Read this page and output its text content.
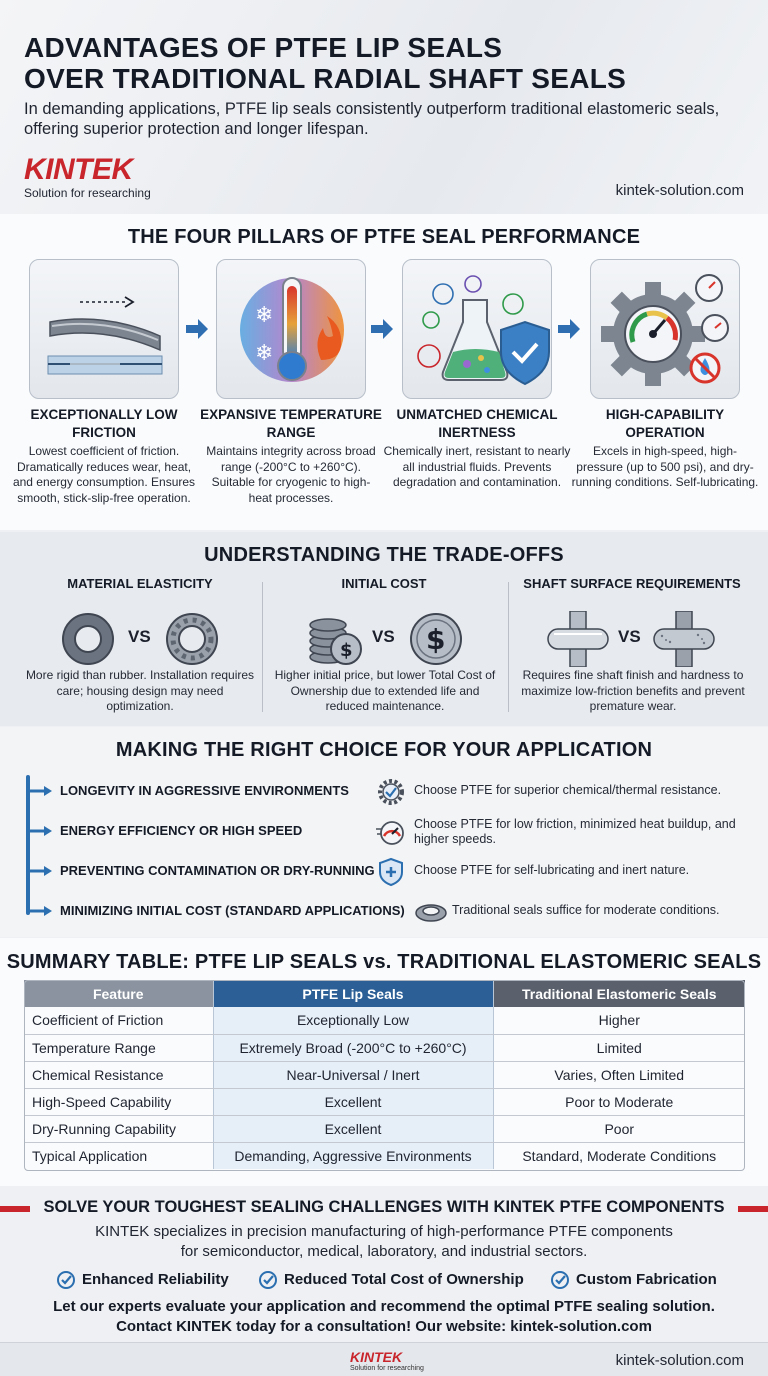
ADVANTAGES OF PTFE LIP SEALS
OVER TRADITIONAL RADIAL SHAFT SEALS
In demanding applications, PTFE lip seals consistently outperform traditional elastomeric seals, offering superior protection and longer lifespan.
KINTEK
Solution for researching	kintek-solution.com
THE FOUR PILLARS OF PTFE SEAL PERFORMANCE
❄
❄
EXCEPTIONALLY LOW FRICTION
EXPANSIVE TEMPERATURE RANGE
UNMATCHED CHEMICAL INERTNESS
HIGH-CAPABILITY OPERATION
Lowest coefficient of friction. Dramatically reduces wear, heat, and energy consumption. Ensures smooth, stick-slip-free operation.
Maintains integrity across broad range (-200°C to +260°C). Suitable for cryogenic to high-heat processes.
Chemically inert, resistant to nearly all industrial fluids. Prevents degradation and contamination.
Excels in high-speed, high-pressure (up to 500 psi), and dry-running conditions. Self-lubricating.
UNDERSTANDING THE TRADE-OFFS
MATERIAL ELASTICITY
VS
More rigid than rubber. Installation requires care; housing design may need optimization.
INITIAL COST
$
VS $
Higher initial price, but lower Total Cost of Ownership due to extended life and reduced maintenance.
SHAFT SURFACE REQUIREMENTS
VS
Requires fine shaft finish and hardness to maximize low-friction benefits and prevent premature wear.
MAKING THE RIGHT CHOICE FOR YOUR APPLICATION
LONGEVITY IN AGGRESSIVE ENVIRONMENTS	Choose PTFE for superior chemical/thermal resistance.
ENERGY EFFICIENCY OR HIGH SPEED	Choose PTFE for low friction, minimized heat buildup, and higher speeds.
PREVENTING CONTAMINATION OR DRY-RUNNING	Choose PTFE for self-lubricating and inert nature.
MINIMIZING INITIAL COST (STANDARD APPLICATIONS)	Traditional seals suffice for moderate conditions.
SUMMARY TABLE: PTFE LIP SEALS vs. TRADITIONAL ELASTOMERIC SEALS
Feature	PTFE Lip Seals	Traditional Elastomeric Seals
Coefficient of Friction	Exceptionally Low	Higher
Temperature Range	Extremely Broad (-200°C to +260°C)	Limited
Chemical Resistance	Near-Universal / Inert	Varies, Often Limited
High-Speed Capability	Excellent	Poor to Moderate
Dry-Running Capability	Excellent	Poor
Typical Application	Demanding, Aggressive Environments	Standard, Moderate Conditions
SOLVE YOUR TOUGHEST SEALING CHALLENGES WITH KINTEK PTFE COMPONENTS
KINTEK specializes in precision manufacturing of high-performance PTFE components
for semiconductor, medical, laboratory, and industrial sectors.
Enhanced Reliability	Reduced Total Cost of Ownership	Custom Fabrication
Let our experts evaluate your application and recommend the optimal PTFE sealing solution.
Contact KINTEK today for a consultation! Our website: kintek-solution.com
KINTEK
Solution for researching	kintek-solution.com
